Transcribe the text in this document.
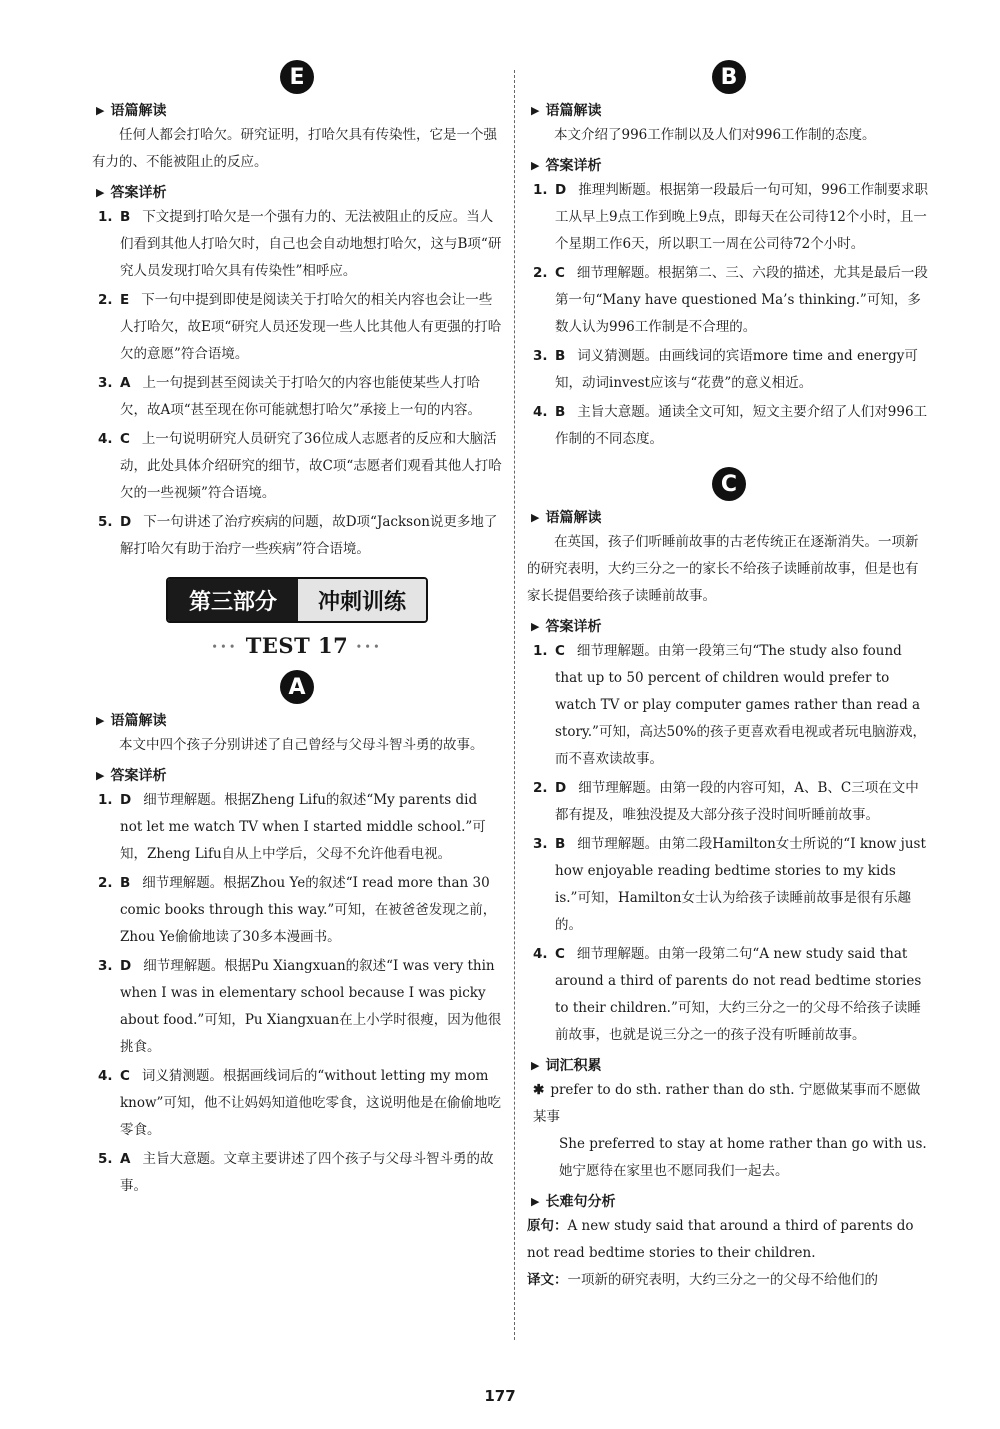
E
▶ 语篇解读

任何人都会打哈欠。研究证明，打哈欠具有传染性，它是一个强有力的、不能被阻止的反应。

▶ 答案详析
1. B 下文提到打哈欠是一个强有力的、无法被阻止的反应。当人们看到其他人打哈欠时，自己也会自动地想打哈欠，这与B项“研究人员发现打哈欠具有传染性”相呼应。
2. E 下一句中提到即使是阅读关于打哈欠的相关内容也会让一些人打哈欠，故E项“研究人员还发现一些人比其他人有更强的打哈欠的意愿”符合语境。
3. A 上一句提到甚至阅读关于打哈欠的内容也能使某些人打哈欠，故A项“甚至现在你可能就想打哈欠”承接上一句的内容。
4. C 上一句说明研究人员研究了36位成人志愿者的反应和大脑活动，此处具体介绍研究的细节，故C项“志愿者们观看其他人打哈欠的一些视频”符合语境。
5. D 下一句讲述了治疗疾病的问题，故D项“Jackson说更多地了解打哈欠有助于治疗一些疾病”符合语境。
第三部分	冲刺训练
••• TEST 17 •••
A
▶ 语篇解读

本文中四个孩子分别讲述了自己曾经与父母斗智斗勇的故事。

▶ 答案详析
1. D 细节理解题。根据Zheng Lifu的叙述“My parents did not let me watch TV when I started middle school.”可知，Zheng Lifu自从上中学后，父母不允许他看电视。
2. B 细节理解题。根据Zhou Ye的叙述“I read more than 30 comic books through this way.”可知，在被爸爸发现之前，Zhou Ye偷偷地读了30多本漫画书。
3. D 细节理解题。根据Pu Xiangxuan的叙述“I was very thin when I was in elementary school because I was picky about food.”可知，Pu Xiangxuan在上小学时很瘦，因为他很挑食。
4. C 词义猜测题。根据画线词后的“without letting my mom know”可知，他不让妈妈知道他吃零食，这说明他是在偷偷地吃零食。
5. A 主旨大意题。文章主要讲述了四个孩子与父母斗智斗勇的故事。
B
▶ 语篇解读

本文介绍了996工作制以及人们对996工作制的态度。

▶ 答案详析
1. D 推理判断题。根据第一段最后一句可知，996工作制要求职工从早上9点工作到晚上9点，即每天在公司待12个小时，且一个星期工作6天，所以职工一周在公司待72个小时。
2. C 细节理解题。根据第二、三、六段的描述，尤其是最后一段第一句“Many have questioned Ma’s thinking.”可知，多数人认为996工作制是不合理的。
3. B 词义猜测题。由画线词的宾语more time and energy可知，动词invest应该与“花费”的意义相近。
4. B 主旨大意题。通读全文可知，短文主要介绍了人们对996工作制的不同态度。
C
▶ 语篇解读

在英国，孩子们听睡前故事的古老传统正在逐渐消失。一项新的研究表明，大约三分之一的家长不给孩子读睡前故事，但是也有家长提倡要给孩子读睡前故事。

▶ 答案详析
1. C 细节理解题。由第一段第三句“The study also found that up to 50 percent of children would prefer to watch TV or play computer games rather than read a story.”可知，高达50%的孩子更喜欢看电视或者玩电脑游戏，而不喜欢读故事。
2. D 细节理解题。由第一段的内容可知，A、B、C三项在文中都有提及，唯独没提及大部分孩子没时间听睡前故事。
3. B 细节理解题。由第二段Hamilton女士所说的“I know just how enjoyable reading bedtime stories to my kids is.”可知，Hamilton女士认为给孩子读睡前故事是很有乐趣的。
4. C 细节理解题。由第一段第二句“A new study said that around a third of parents do not read bedtime stories to their children.”可知，大约三分之一的父母不给孩子读睡前故事，也就是说三分之一的孩子没有听睡前故事。
▶ 词汇积累
✱ prefer to do sth. rather than do sth. 宁愿做某事而不愿做某事
She preferred to stay at home rather than go with us.
她宁愿待在家里也不愿同我们一起去。
▶ 长难句分析
原句：A new study said that around a third of parents do not read bedtime stories to their children.
译文：一项新的研究表明，大约三分之一的父母不给他们的
177
